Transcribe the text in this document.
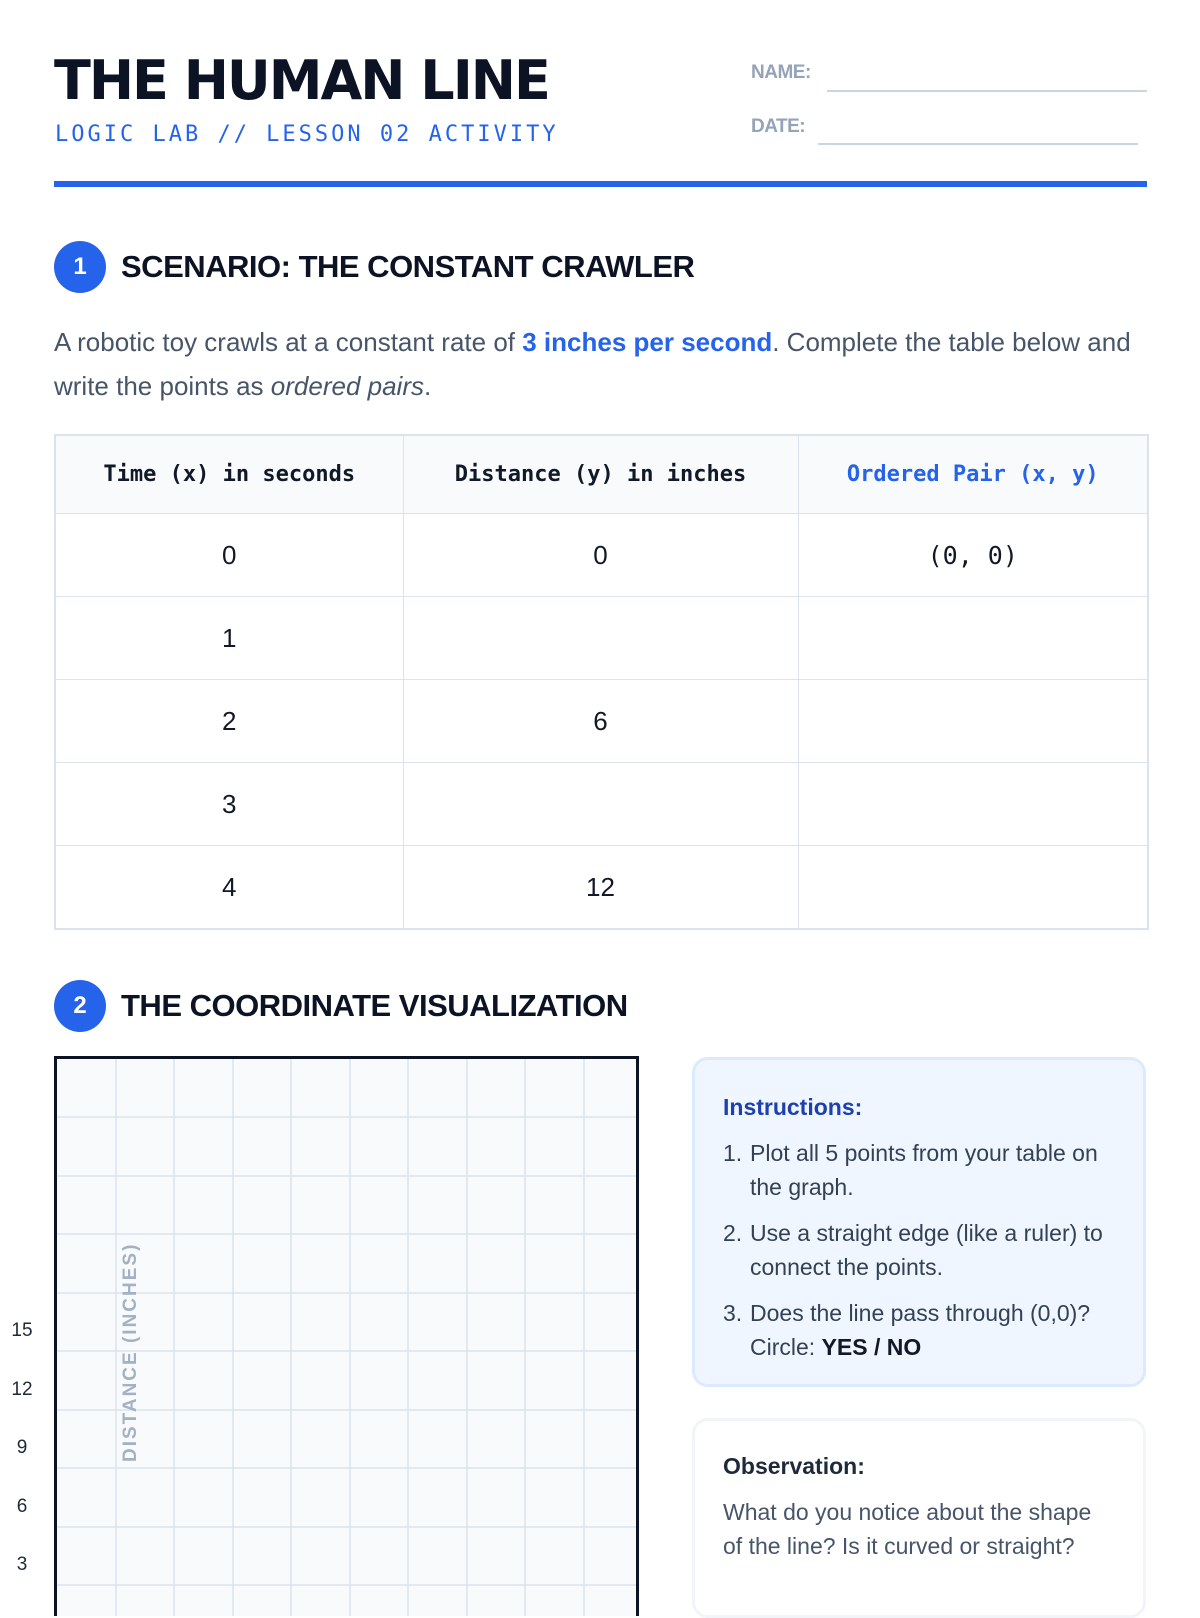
THE HUMAN LINE
LOGIC LAB // LESSON 02 ACTIVITY
NAME:
DATE:
1	SCENARIO: THE CONSTANT CRAWLER

A robotic toy crawls at a constant rate of 3 inches per second. Complete the table below and write the points as ordered pairs.

Time (x) in seconds	Distance (y) in inches	Ordered Pair (x, y)
0	0	(0, 0)
1		
2	6	
3		
4	12	
2	THE COORDINATE VISUALIZATION
DISTANCE (INCHES)
15
12
9
6
3
Instructions:
1. Plot all 5 points from your table on the graph.
2. Use a straight edge (like a ruler) to connect the points.
3. Does the line pass through (0,0)? Circle: YES / NO
Observation:

What do you notice about the shape of the line? Is it curved or straight?
